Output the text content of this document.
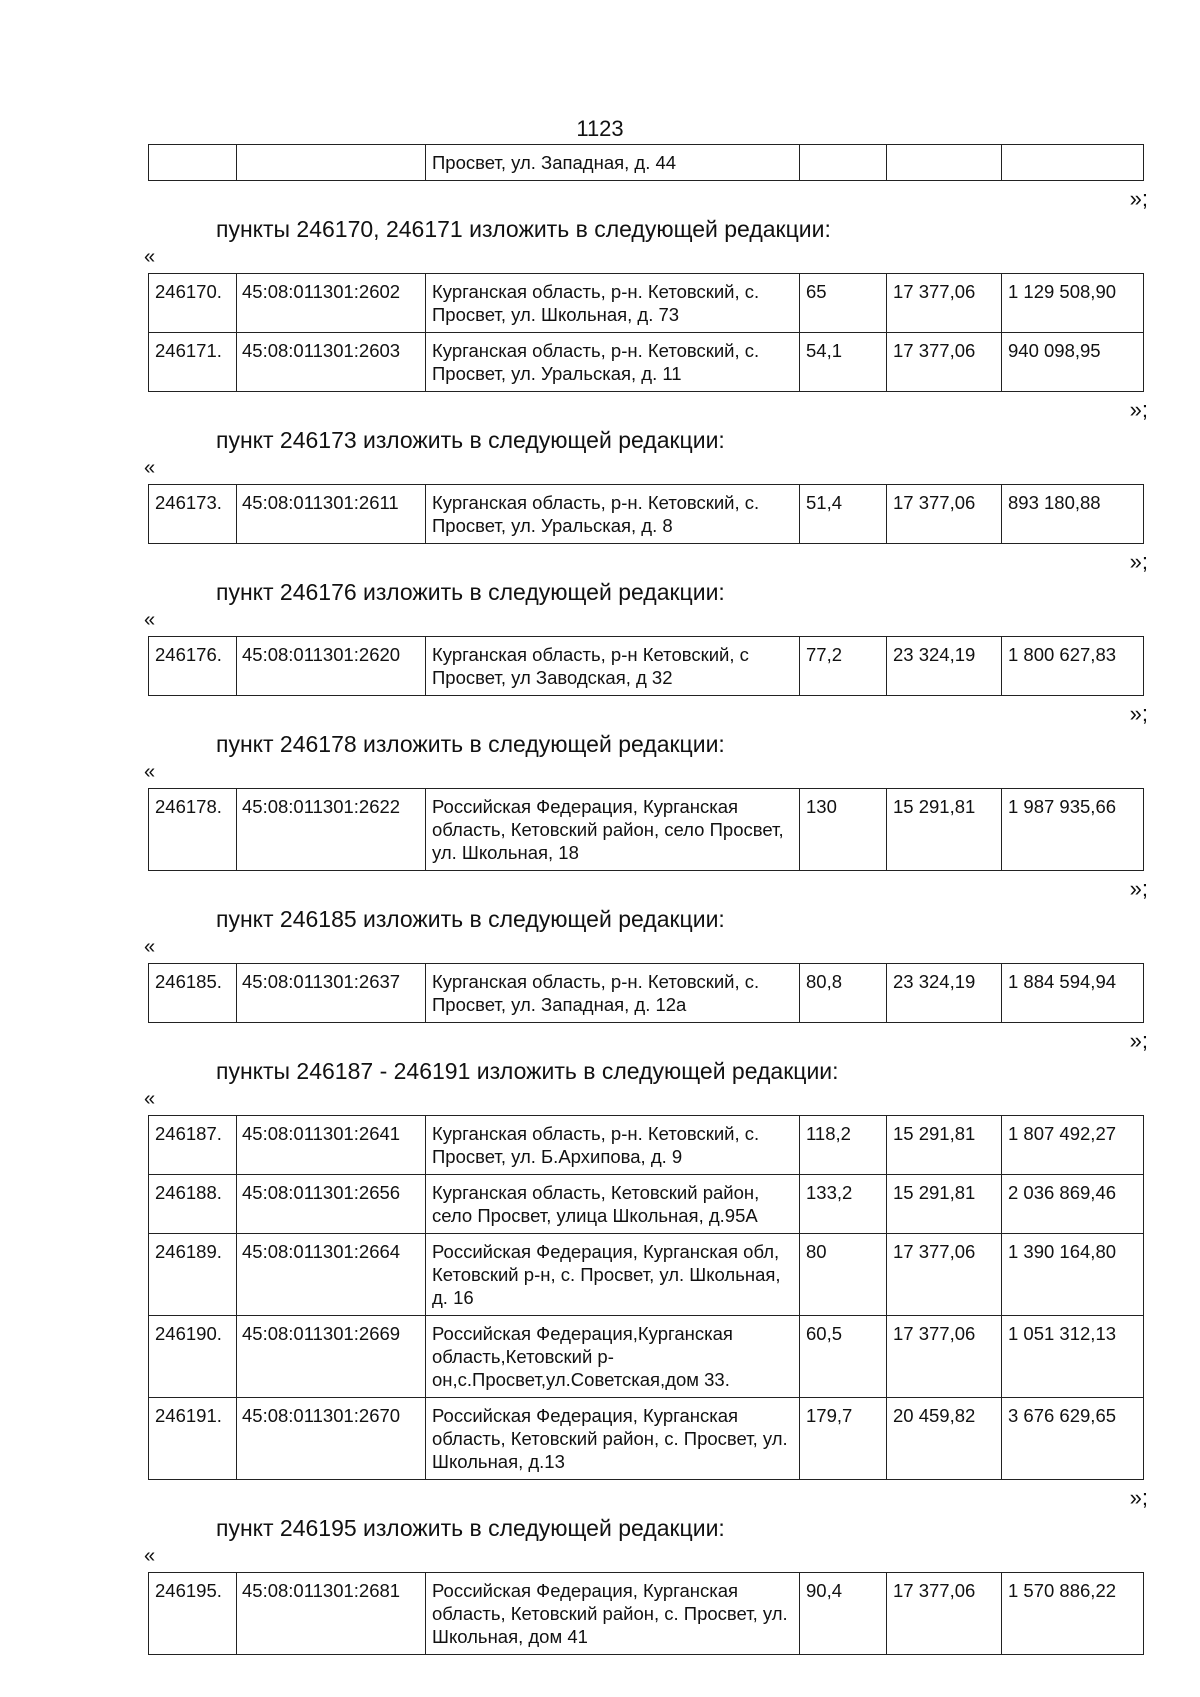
1123
		Просвет, ул. Западная, д. 44			
»;
пункты 246170, 246171 изложить в следующей редакции:
«
246170.	45:08:011301:2602	Курганская область, р-н. Кетовский, с. Просвет, ул. Школьная, д. 73	65	17 377,06	1 129 508,90
246171.	45:08:011301:2603	Курганская область, р-н. Кетовский, с. Просвет, ул. Уральская, д. 11	54,1	17 377,06	940 098,95
»;
пункт 246173 изложить в следующей редакции:
«
246173.	45:08:011301:2611	Курганская область, р-н. Кетовский, с. Просвет, ул. Уральская, д. 8	51,4	17 377,06	893 180,88
»;
пункт 246176 изложить в следующей редакции:
«
246176.	45:08:011301:2620	Курганская область, р-н Кетовский, с Просвет, ул Заводская, д 32	77,2	23 324,19	1 800 627,83
»;
пункт 246178 изложить в следующей редакции:
«
246178.	45:08:011301:2622	Российская Федерация, Курганская область, Кетовский район, село Просвет, ул. Школьная, 18	130	15 291,81	1 987 935,66
»;
пункт 246185 изложить в следующей редакции:
«
246185.	45:08:011301:2637	Курганская область, р-н. Кетовский, с. Просвет, ул. Западная, д. 12а	80,8	23 324,19	1 884 594,94
»;
пункты 246187 - 246191 изложить в следующей редакции:
«
246187.	45:08:011301:2641	Курганская область, р-н. Кетовский, с. Просвет, ул. Б.Архипова, д. 9	118,2	15 291,81	1 807 492,27
246188.	45:08:011301:2656	Курганская область, Кетовский район, село Просвет, улица Школьная, д.95А	133,2	15 291,81	2 036 869,46
246189.	45:08:011301:2664	Российская Федерация, Курганская обл, Кетовский р-н, с. Просвет, ул. Школьная, д. 16	80	17 377,06	1 390 164,80
246190.	45:08:011301:2669	Российская Федерация,Курганская область,Кетовский р-он,с.Просвет,ул.Советская,дом 33.	60,5	17 377,06	1 051 312,13
246191.	45:08:011301:2670	Российская Федерация, Курганская область, Кетовский район, с. Просвет, ул. Школьная, д.13	179,7	20 459,82	3 676 629,65
»;
пункт 246195 изложить в следующей редакции:
«
246195.	45:08:011301:2681	Российская Федерация, Курганская область, Кетовский район, с. Просвет, ул. Школьная, дом 41	90,4	17 377,06	1 570 886,22
